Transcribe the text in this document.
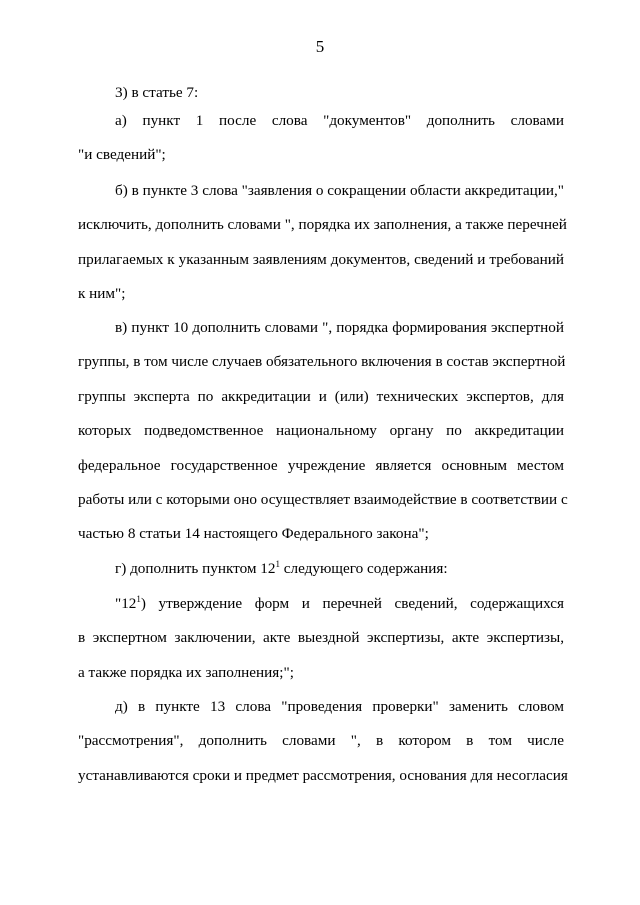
5
3) в статье 7:
а) пункт 1 после слова "документов" дополнить словами
"и сведений";
б) в пункте 3 слова "заявления о сокращении области аккредитации,"
исключить, дополнить словами ", порядка их заполнения, а также перечней
прилагаемых к указанным заявлениям документов, сведений и требований
к ним";
в) пункт 10 дополнить словами ", порядка формирования экспертной
группы, в том числе случаев обязательного включения в состав экспертной
группы эксперта по аккредитации и (или) технических экспертов, для
которых подведомственное национальному органу по аккредитации
федеральное государственное учреждение является основным местом
работы или с которыми оно осуществляет взаимодействие в соответствии с
частью 8 статьи 14 настоящего Федерального закона";
г) дополнить пунктом $12^1$ следующего содержания:
"$12^1$) утверждение форм и перечней сведений, содержащихся
в экспертном заключении, акте выездной экспертизы, акте экспертизы,
а также порядка их заполнения;";
д) в пункте 13 слова "проведения проверки" заменить словом
"рассмотрения", дополнить словами ", в котором в том числе
устанавливаются сроки и предмет рассмотрения, основания для несогласия
